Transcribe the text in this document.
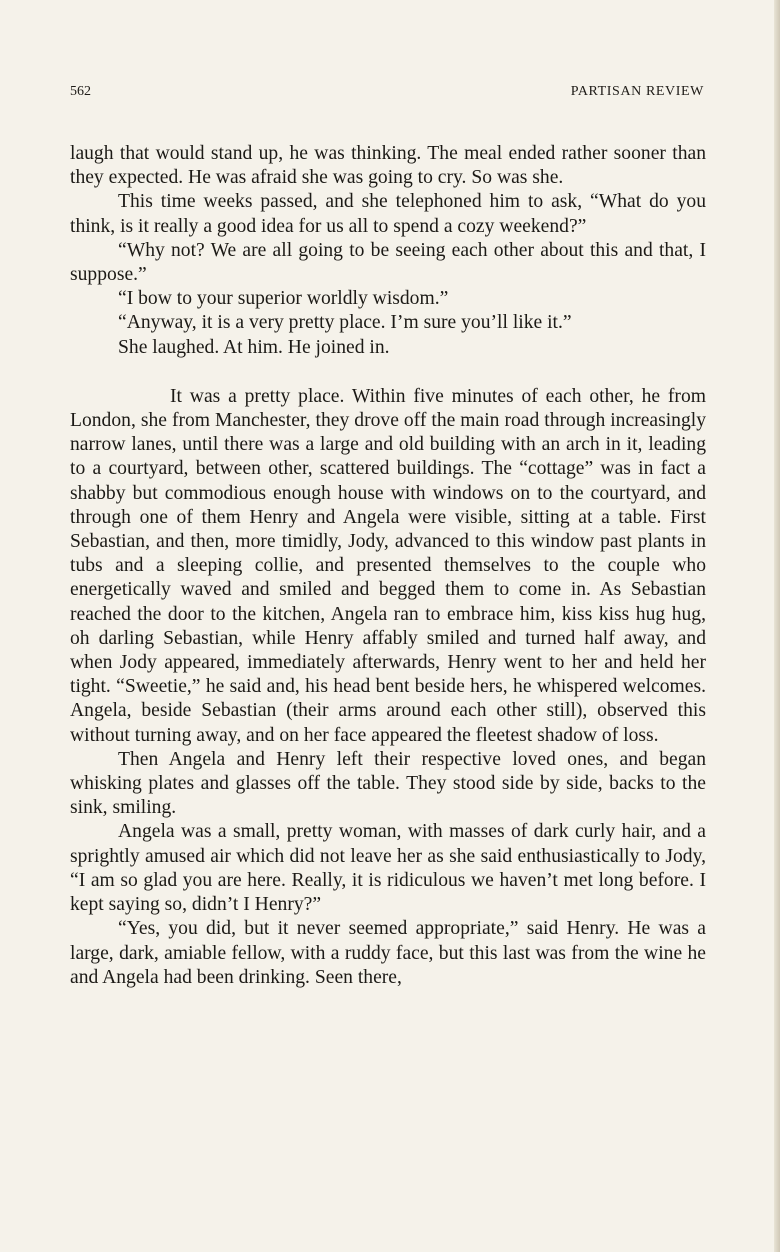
562	PARTISAN REVIEW

laugh that would stand up, he was thinking. The meal ended rather sooner than they expected. He was afraid she was going to cry. So was she.

This time weeks passed, and she telephoned him to ask, “What do you think, is it really a good idea for us all to spend a cozy weekend?”

“Why not? We are all going to be seeing each other about this and that, I suppose.”

“I bow to your superior worldly wisdom.”

“Anyway, it is a very pretty place. I’m sure you’ll like it.”

She laughed. At him. He joined in.

It was a pretty place. Within five minutes of each other, he from London, she from Manchester, they drove off the main road through increasingly narrow lanes, until there was a large and old building with an arch in it, leading to a courtyard, between other, scattered buildings. The “cottage” was in fact a shabby but commodious enough house with windows on to the courtyard, and through one of them Henry and Angela were visible, sitting at a table. First Sebastian, and then, more timidly, Jody, advanced to this window past plants in tubs and a sleeping collie, and presented themselves to the couple who energetically waved and smiled and begged them to come in. As Sebastian reached the door to the kitchen, Angela ran to embrace him, kiss kiss hug hug, oh darling Sebastian, while Henry affably smiled and turned half away, and when Jody appeared, immediately afterwards, Henry went to her and held her tight. “Sweetie,” he said and, his head bent beside hers, he whispered welcomes. Angela, beside Sebastian (their arms around each other still), observed this without turning away, and on her face appeared the fleetest shadow of loss.

Then Angela and Henry left their respective loved ones, and began whisking plates and glasses off the table. They stood side by side, backs to the sink, smiling.

Angela was a small, pretty woman, with masses of dark curly hair, and a sprightly amused air which did not leave her as she said enthusiastically to Jody, “I am so glad you are here. Really, it is ridiculous we haven’t met long before. I kept saying so, didn’t I Henry?”

“Yes, you did, but it never seemed appropriate,” said Henry. He was a large, dark, amiable fellow, with a ruddy face, but this last was from the wine he and Angela had been drinking. Seen there,
